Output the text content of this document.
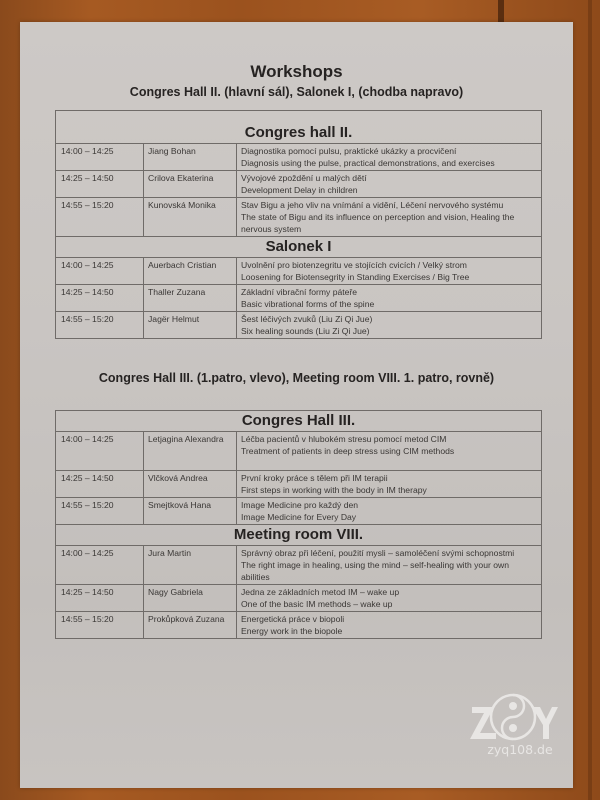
Workshops
Congres Hall II. (hlavní sál), Salonek I, (chodba napravo)
Congres hall II.		
14:00 – 14:25	Jiang Bohan	Diagnostika pomocí pulsu, praktické ukázky a procvičení
Diagnosis using the pulse, practical demonstrations, and exercises

14:25 – 14:50	Crilova Ekaterina	Vývojové zpoždění u malých dětí
Development Delay in children

14:55 – 15:20	Kunovská Monika	Stav Bigu a jeho vliv na vnímání a vidění, Léčení nervového systému
The state of Bigu and its influence on perception and vision, Healing the nervous system

Salonek I		
14:00 – 14:25	Auerbach Cristian	Uvolnění pro biotenzegritu ve stojících cvicích / Velký strom
Loosening for Biotensegrity in Standing Exercises / Big Tree

14:25 – 14:50	Thaller Zuzana	Základní vibrační formy páteře
Basic vibrational forms of the spine

14:55 – 15:20	Jagër Helmut	Šest léčivých zvuků (Liu Zi Qi Jue)
Six healing sounds (Liu Zi Qi Jue)
Congres Hall III. (1.patro, vlevo), Meeting room VIII. 1. patro, rovně)
Congres Hall III.		
14:00 – 14:25	Letjagina Alexandra	Léčba pacientů v hlubokém stresu pomocí metod CIM
Treatment of patients in deep stress using CIM methods

14:25 – 14:50	Vlčková Andrea	První kroky práce s tělem při IM terapii
First steps in working with the body in IM therapy

14:55 – 15:20	Smejtková Hana	Image Medicine pro každý den
Image Medicine for Every Day

Meeting room VIII.		
14:00 – 14:25	Jura Martin	Správný obraz při léčení, použití mysli – samoléčení svými schopnostmi
The right image in healing, using the mind – self-healing with your own abilities

14:25 – 14:50	Nagy Gabriela	Jedna ze základních metod IM – wake up
One of the basic IM methods – wake up

14:55 – 15:20	Prokůpková Zuzana	Energetická práce v biopoli
Energy work in the biopole
zyq108.de
